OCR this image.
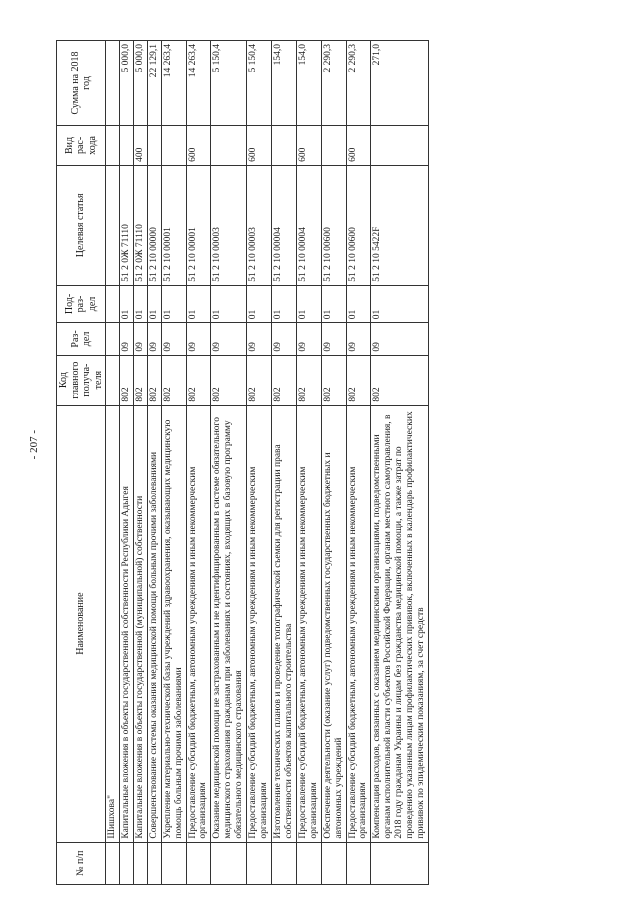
- 207 -
№ п/п	Наименование	Код главного получа-теля	Раз-дел	Под-раз-дел	Целевая статья	Вид рас-хода	Сумма на 2018 год
	Шишхова"						
	Капитальные вложения в объекты государственной собственности Республики Адыгея	802	09	01	51 2 0Ж 71110		5 000,0
	Капитальные вложения в объекты государственной (муниципальной) собственности	802	09	01	51 2 0Ж 71110	400	5 000,0
	Совершенствование системы оказания медицинской помощи больным прочими заболеваниями	802	09	01	51 2 10 00000		22 129,1
	Укрепление материально-технической базы учреждений здравоохранения, оказывающих медицинскую помощь больным прочими заболеваниями	802	09	01	51 2 10 00001		14 263,4
	Предоставление субсидий бюджетным, автономным учреждениям и иным некоммерческим организациям	802	09	01	51 2 10 00001	600	14 263,4
	Оказание медицинской помощи не застрахованным и не идентифицированным в системе обязательного медицинского страхования гражданам при заболеваниях и состояниях, входящих в базовую программу обязательного медицинского страхования	802	09	01	51 2 10 00003		5 150,4
	Предоставление субсидий бюджетным, автономным учреждениям и иным некоммерческим организациям	802	09	01	51 2 10 00003	600	5 150,4
	Изготовление технических планов и проведение топографической съемки для регистрации права собственности объектов капитального строительства	802	09	01	51 2 10 00004		154,0
	Предоставление субсидий бюджетным, автономным учреждениям и иным некоммерческим организациям	802	09	01	51 2 10 00004	600	154,0
	Обеспечение деятельности (оказание услуг) подведомственных государственных бюджетных и автономных учреждений	802	09	01	51 2 10 00600		2 290,3
	Предоставление субсидий бюджетным, автономным учреждениям и иным некоммерческим организациям	802	09	01	51 2 10 00600	600	2 290,3
	Компенсация расходов, связанных с оказанием медицинскими организациями, подведомственными органам исполнительной власти субъектов Российской Федерации, органам местного самоуправления, в 2018 году гражданам Украины и лицам без гражданства медицинской помощи, а также затрат по проведению указанным лицам профилактических прививок, включенных в календарь профилактических прививок по эпидемическим показаниям, за счет средств	802	09	01	51 2 10 5422F		271,0
